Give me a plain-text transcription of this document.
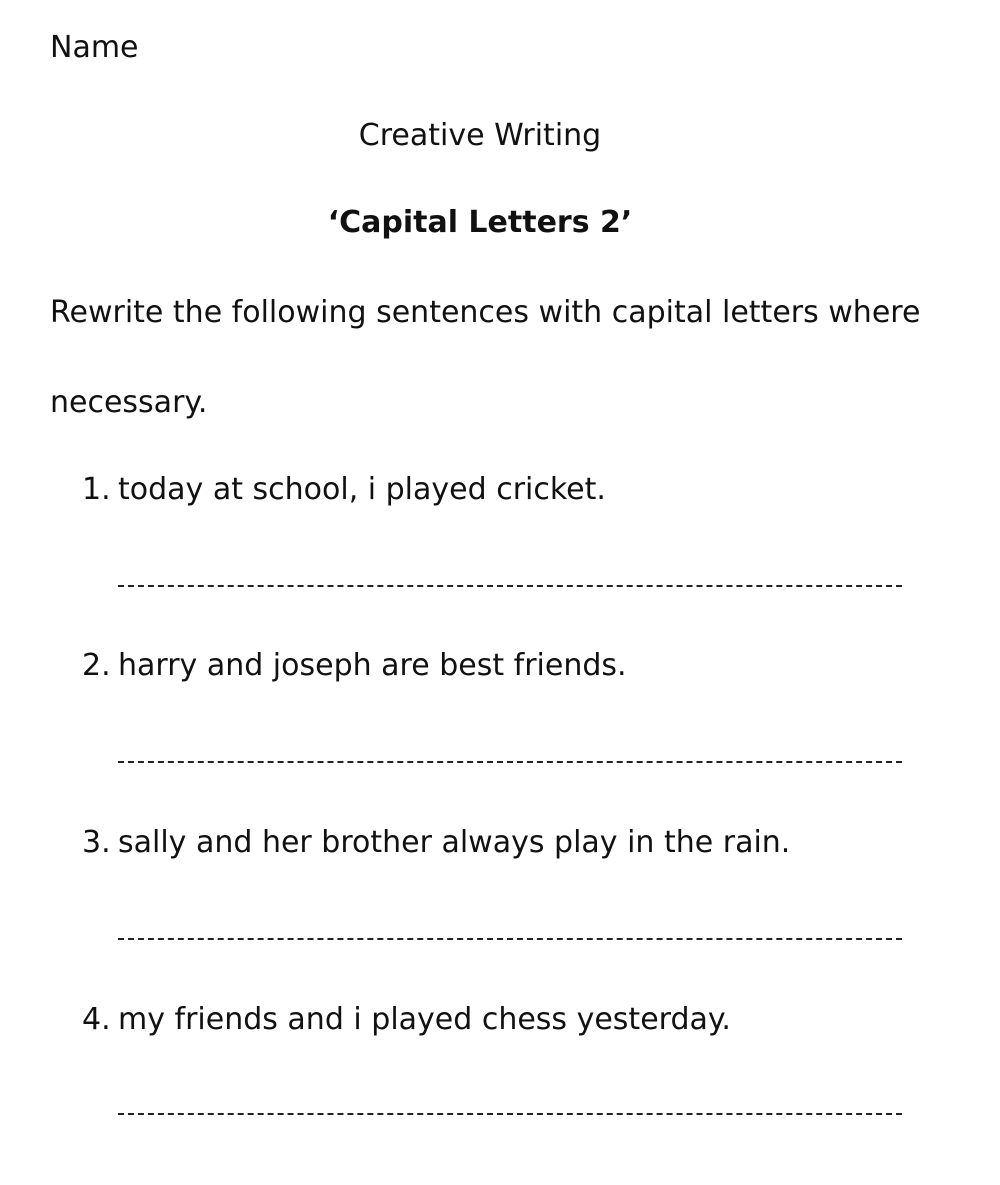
Name
Creative Writing
‘Capital Letters 2’
Rewrite the following sentences with capital letters where
necessary.
1. today at school, i played cricket.
2. harry and joseph are best friends.
3. sally and her brother always play in the rain.
4. my friends and i played chess yesterday.
